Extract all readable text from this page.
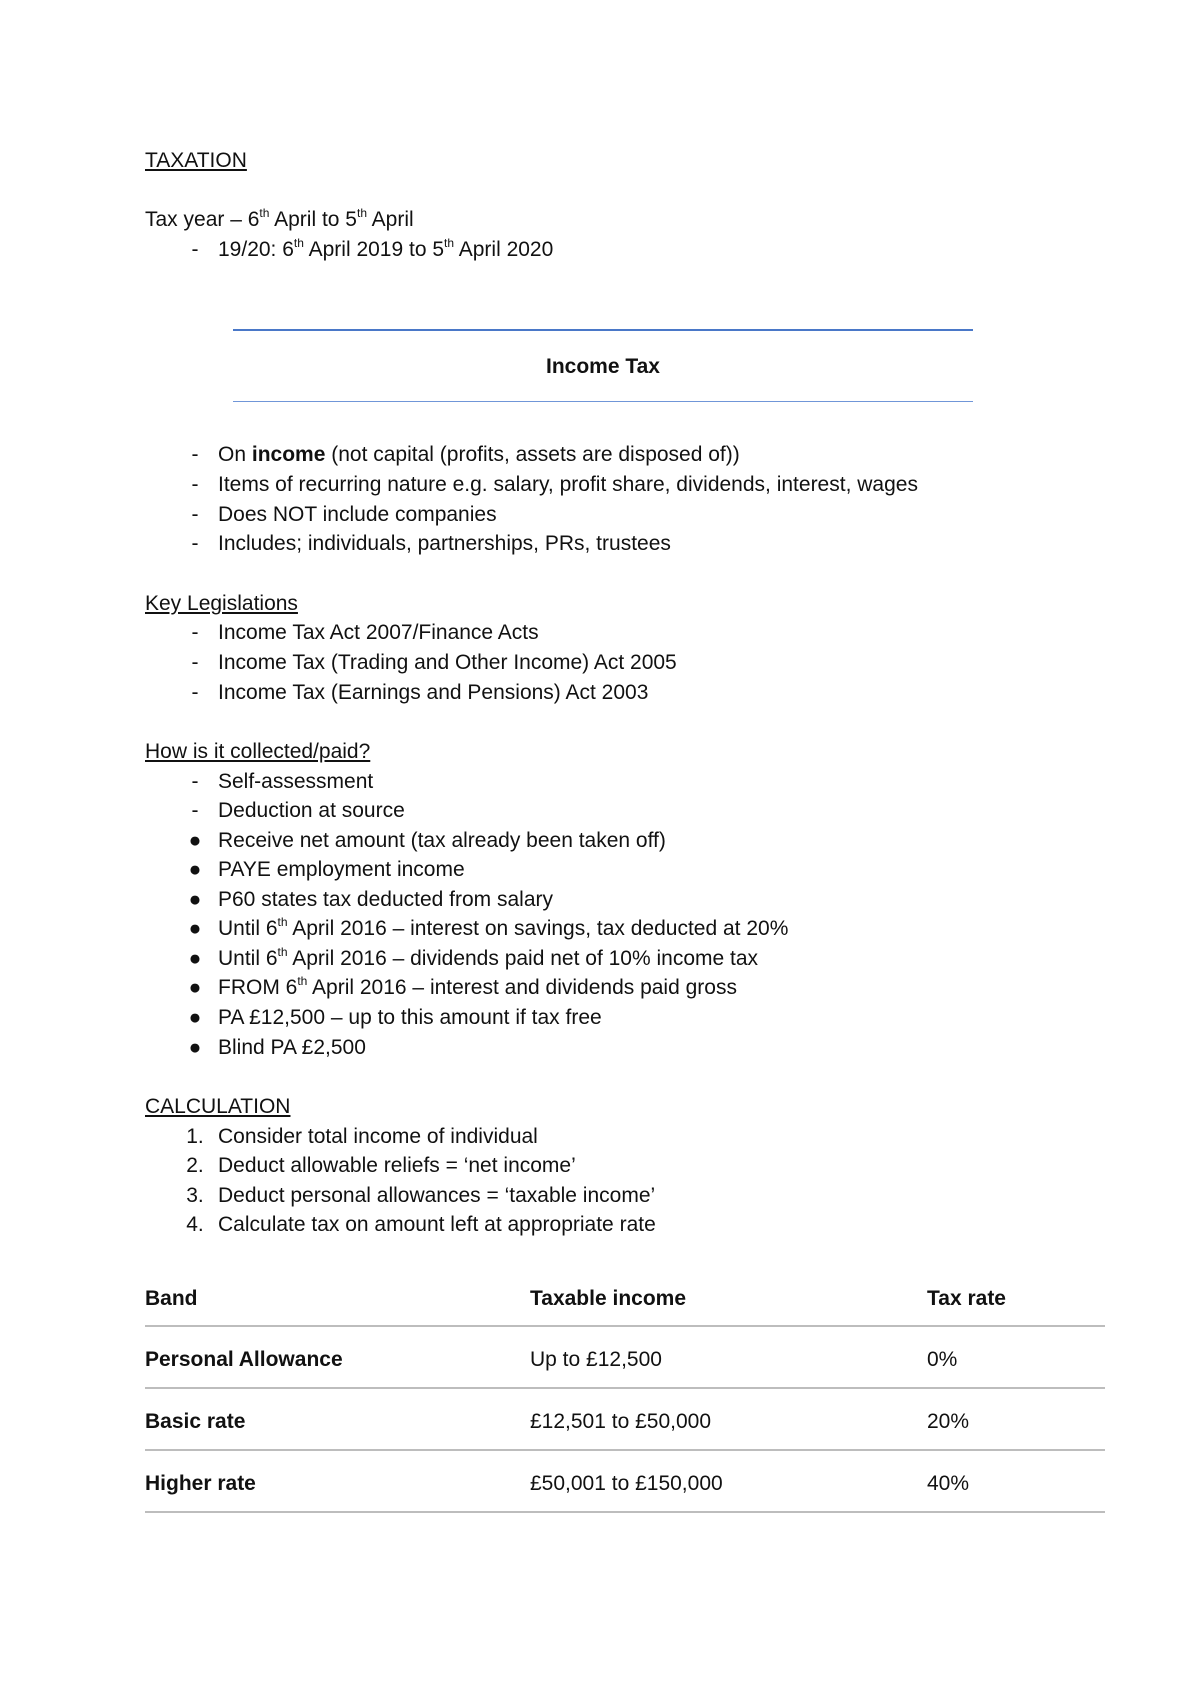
TAXATION
Tax year – 6th April to 5th April
- 19/20: 6th April 2019 to 5th April 2020
Income Tax
- On income (not capital (profits, assets are disposed of))
- Items of recurring nature e.g. salary, profit share, dividends, interest, wages
- Does NOT include companies
- Includes; individuals, partnerships, PRs, trustees
Key Legislations
- Income Tax Act 2007/Finance Acts
- Income Tax (Trading and Other Income) Act 2005
- Income Tax (Earnings and Pensions) Act 2003
How is it collected/paid?
- Self-assessment
- Deduction at source
● Receive net amount (tax already been taken off)
● PAYE employment income
● P60 states tax deducted from salary
● Until 6th April 2016 – interest on savings, tax deducted at 20%
● Until 6th April 2016 – dividends paid net of 10% income tax
● FROM 6th April 2016 – interest and dividends paid gross
● PA £12,500 – up to this amount if tax free
● Blind PA £2,500
CALCULATION
1. Consider total income of individual
2. Deduct allowable reliefs = ‘net income’
3. Deduct personal allowances = ‘taxable income’
4. Calculate tax on amount left at appropriate rate
Band	Taxable income	Tax rate
Personal Allowance	Up to £12,500	0%
Basic rate	£12,501 to £50,000	20%
Higher rate	£50,001 to £150,000	40%
